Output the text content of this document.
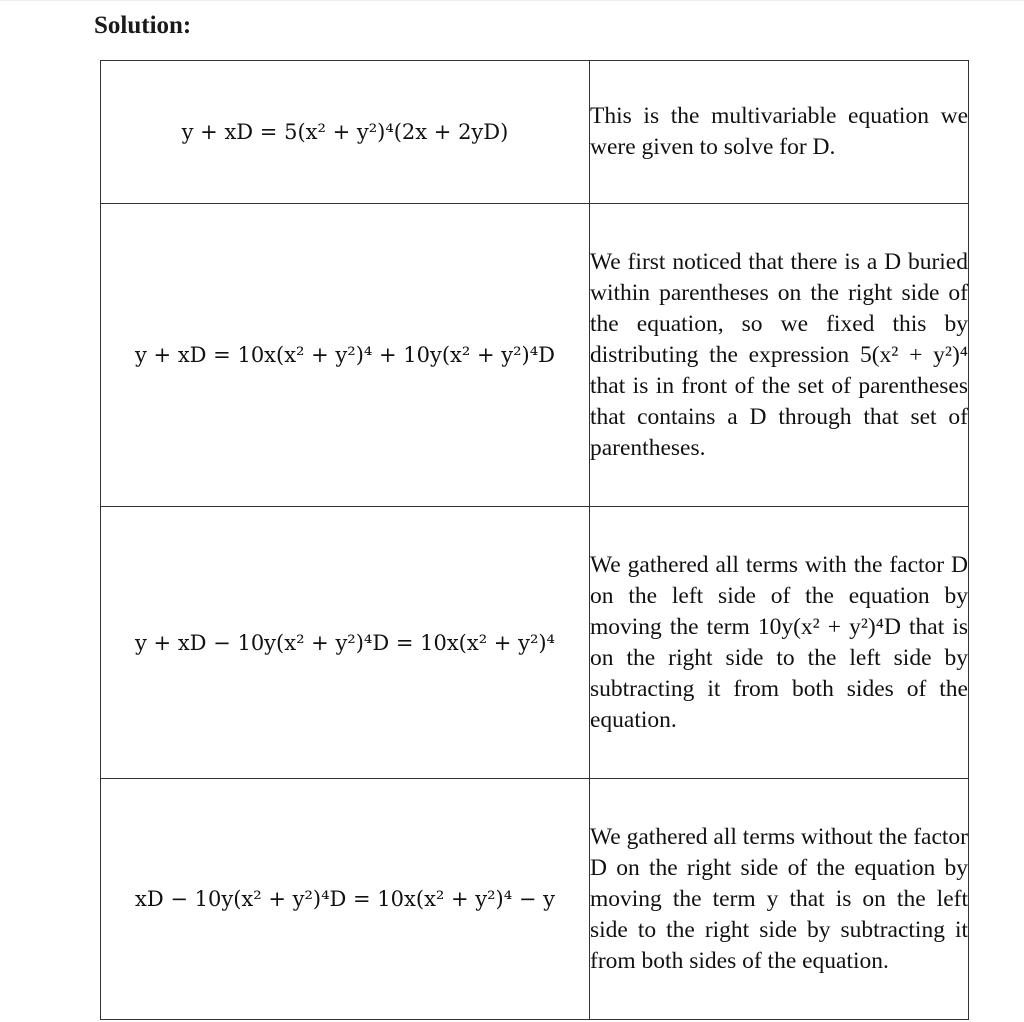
Solution:
y + xD = 5(x² + y²)⁴(2x + 2yD)	This is the multivariable equation we were given to solve for D.

y + xD = 10x(x² + y²)⁴ + 10y(x² + y²)⁴D	We first noticed that there is a D buried within parentheses on the right side of the equation, so we fixed this by distributing the expression 5(x² + y²)⁴ that is in front of the set of parentheses that contains a D through that set of parentheses.

y + xD − 10y(x² + y²)⁴D = 10x(x² + y²)⁴	We gathered all terms with the factor D on the left side of the equation by moving the term 10y(x² + y²)⁴D that is on the right side to the left side by subtracting it from both sides of the equation.

xD − 10y(x² + y²)⁴D = 10x(x² + y²)⁴ − y	We gathered all terms without the factor D on the right side of the equation by moving the term y that is on the left side to the right side by subtracting it from both sides of the equation.
